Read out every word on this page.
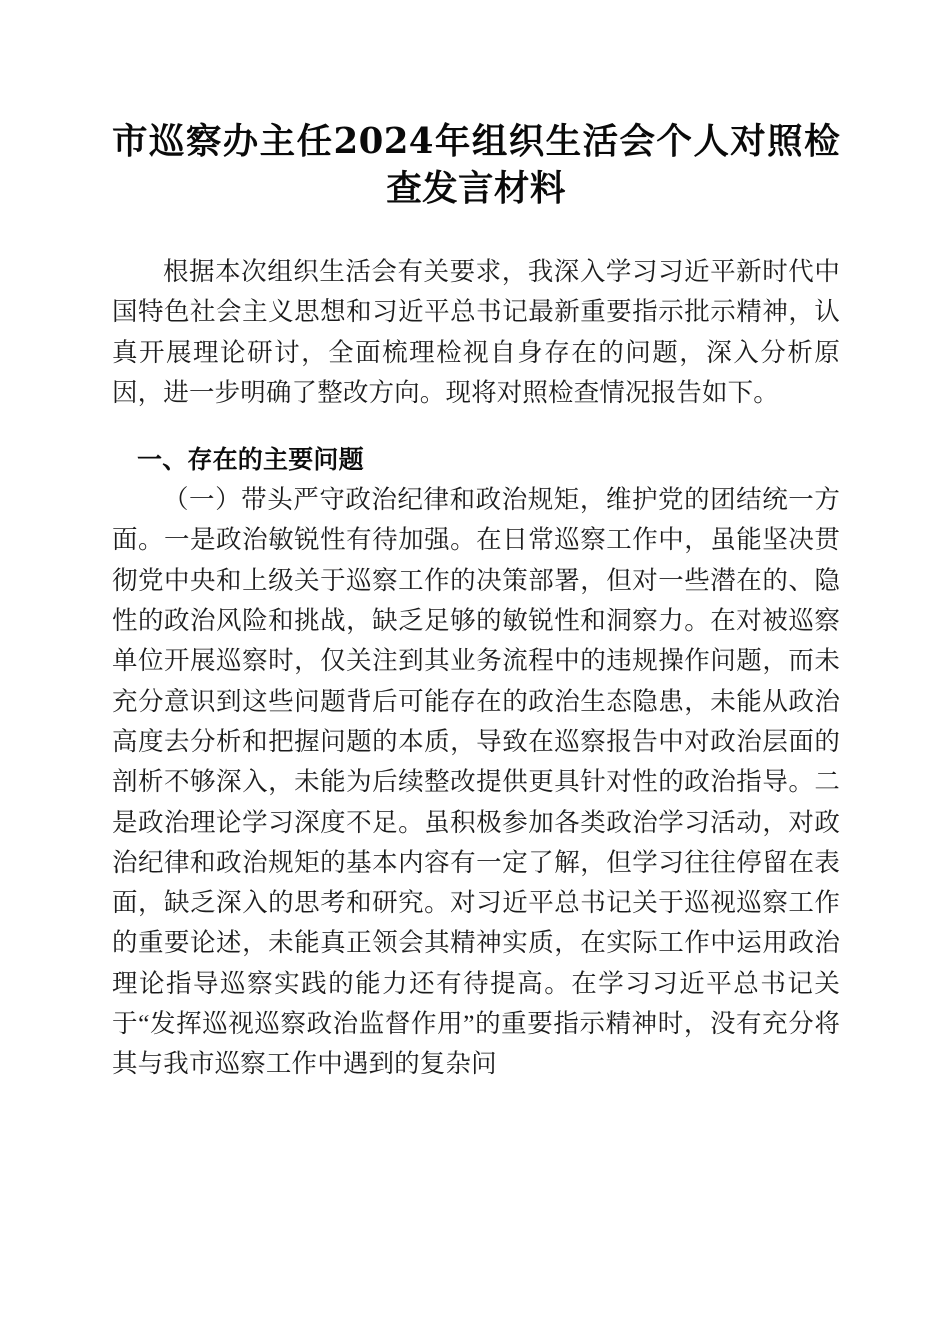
市巡察办主任2024年组织生活会个人对照检查发言材料

根据本次组织生活会有关要求，我深入学习习近平新时代中国特色社会主义思想和习近平总书记最新重要指示批示精神，认真开展理论研讨，全面梳理检视自身存在的问题，深入分析原因，进一步明确了整改方向。现将对照检查情况报告如下。

一、存在的主要问题

（一）带头严守政治纪律和政治规矩，维护党的团结统一方面。一是政治敏锐性有待加强。在日常巡察工作中，虽能坚决贯彻党中央和上级关于巡察工作的决策部署，但对一些潜在的、隐性的政治风险和挑战，缺乏足够的敏锐性和洞察力。在对被巡察单位开展巡察时，仅关注到其业务流程中的违规操作问题，而未充分意识到这些问题背后可能存在的政治生态隐患，未能从政治高度去分析和把握问题的本质，导致在巡察报告中对政治层面的剖析不够深入，未能为后续整改提供更具针对性的政治指导。二是政治理论学习深度不足。虽积极参加各类政治学习活动，对政治纪律和政治规矩的基本内容有一定了解，但学习往往停留在表面，缺乏深入的思考和研究。对习近平总书记关于巡视巡察工作的重要论述，未能真正领会其精神实质，在实际工作中运用政治理论指导巡察实践的能力还有待提高。在学习习近平总书记关于“发挥巡视巡察政治监督作用”的重要指示精神时，没有充分将其与我市巡察工作中遇到的复杂问
